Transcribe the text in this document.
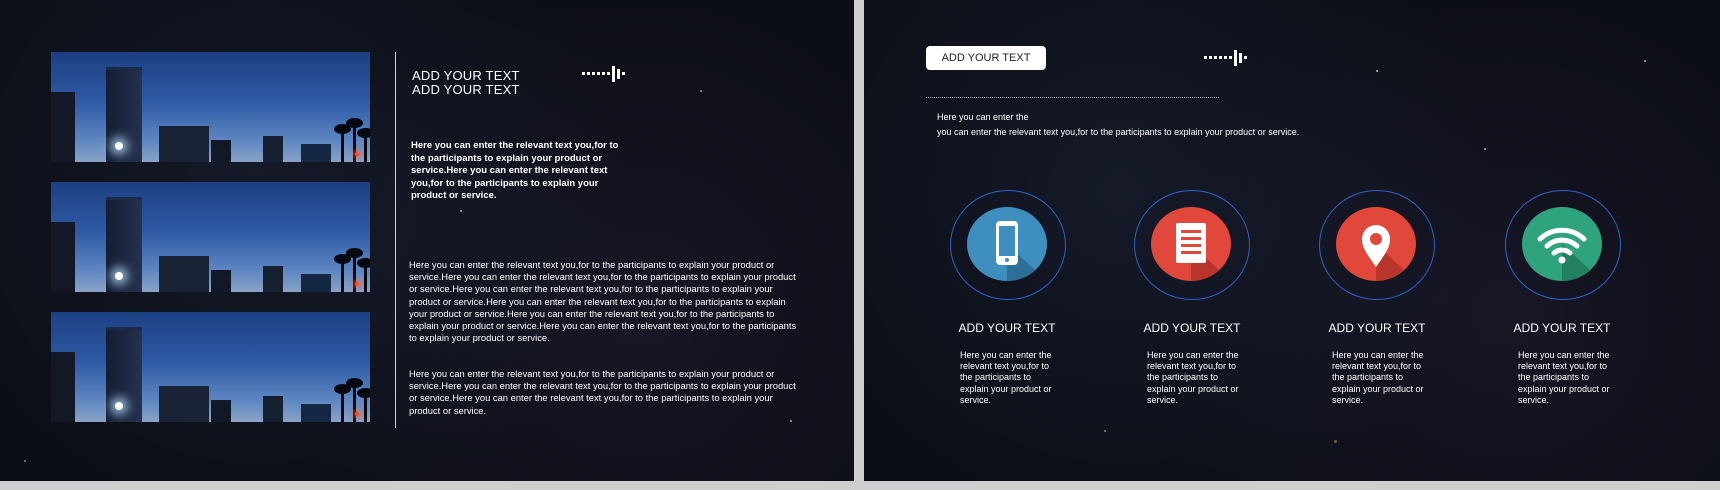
ADD YOUR TEXT
ADD YOUR TEXT
Here you can enter the relevant text you,for to the participants to explain your product or service.Here you can enter the relevant text you,for to the participants to explain your product or service.
Here you can enter the relevant text you,for to the participants to explain your product or service.Here you can enter the relevant text you,for to the participants to explain your product or service.Here you can enter the relevant text you,for to the participants to explain your product or service.Here you can enter the relevant text you,for to the participants to explain your product or service.Here you can enter the relevant text you,for to the participants to explain your product or service.Here you can enter the relevant text you,for to the participants to explain your product or service.
Here you can enter the relevant text you,for to the participants to explain your product or service.Here you can enter the relevant text you,for to the participants to explain your product or service.Here you can enter the relevant text you,for to the participants to explain your product or service.
ADD YOUR TEXT
Here you can enter the
you can enter the relevant text you,for to the participants to explain your product or service.
ADD YOUR TEXT
Here you can enter the relevant text you,for to the participants to explain your product or service.
ADD YOUR TEXT
Here you can enter the relevant text you,for to the participants to explain your product or service.
ADD YOUR TEXT
Here you can enter the relevant text you,for to the participants to explain your product or service.
ADD YOUR TEXT
Here you can enter the relevant text you,for to the participants to explain your product or service.
